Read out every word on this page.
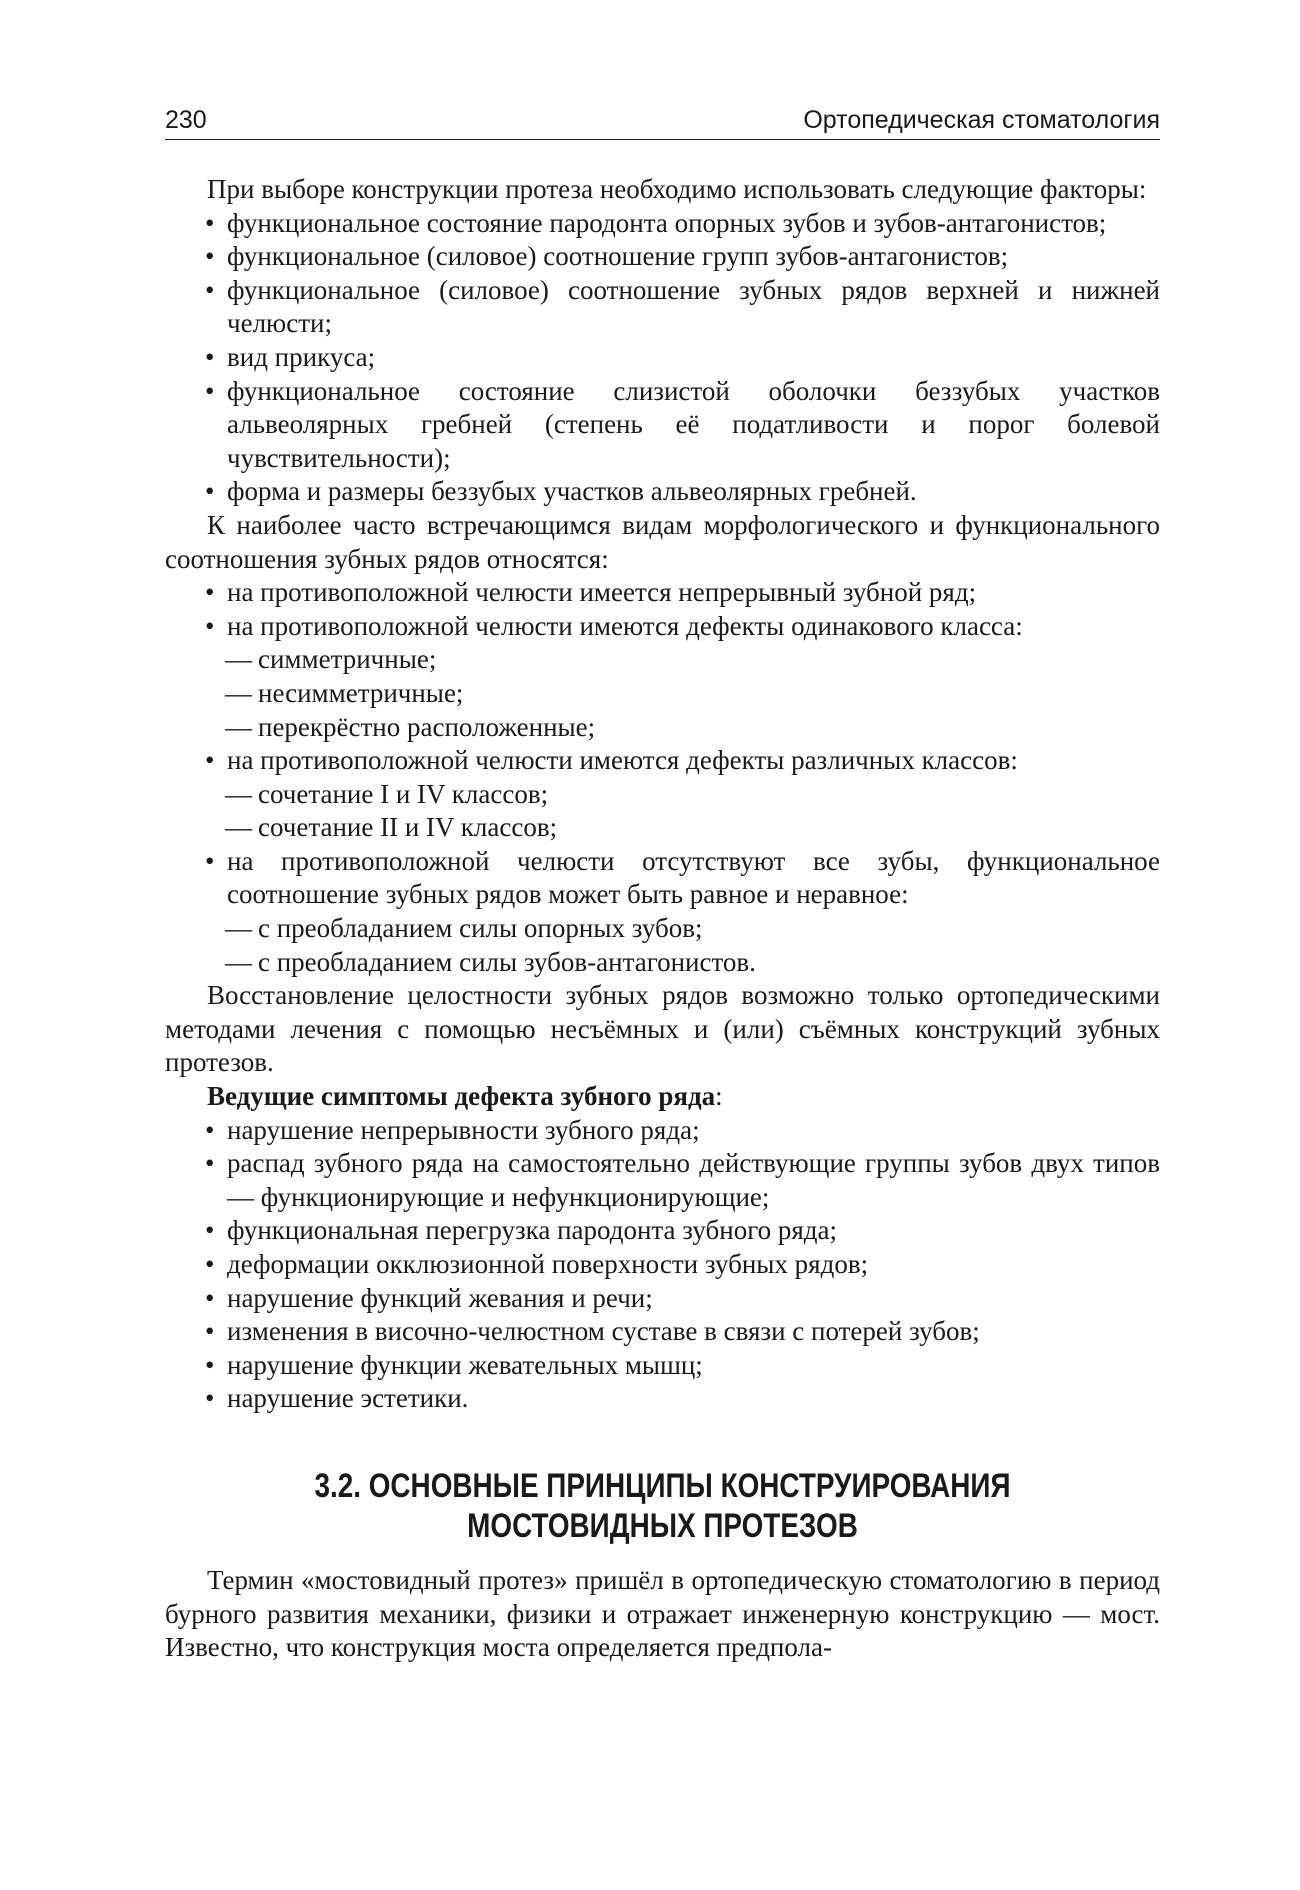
230	Ортопедическая стоматология

При выборе конструкции протеза необходимо использовать следующие факторы:

• функциональное состояние пародонта опорных зубов и зубов-антагонистов;
• функциональное (силовое) соотношение групп зубов-антагонистов;
• функциональное (силовое) соотношение зубных рядов верхней и нижней челюсти;
• вид прикуса;
• функциональное состояние слизистой оболочки беззубых участков альвеолярных гребней (степень её податливости и порог болевой чувствительности);
• форма и размеры беззубых участков альвеолярных гребней.

К наиболее часто встречающимся видам морфологического и функционального соотношения зубных рядов относятся:

• на противоположной челюсти имеется непрерывный зубной ряд;
• на противоположной челюсти имеются дефекты одинакового класса:
— симметричные;
— несимметричные;
— перекрёстно расположенные;
• на противоположной челюсти имеются дефекты различных классов:
— сочетание I и IV классов;
— сочетание II и IV классов;
• на противоположной челюсти отсутствуют все зубы, функциональное соотношение зубных рядов может быть равное и неравное:
— с преобладанием силы опорных зубов;
— с преобладанием силы зубов-антагонистов.

Восстановление целостности зубных рядов возможно только ортопедическими методами лечения с помощью несъёмных и (или) съёмных конструкций зубных протезов.

Ведущие симптомы дефекта зубного ряда:

• нарушение непрерывности зубного ряда;
• распад зубного ряда на самостоятельно действующие группы зубов двух типов — функционирующие и нефункционирующие;
• функциональная перегрузка пародонта зубного ряда;
• деформации окклюзионной поверхности зубных рядов;
• нарушение функций жевания и речи;
• изменения в височно-челюстном суставе в связи с потерей зубов;
• нарушение функции жевательных мышц;
• нарушение эстетики.
3.2. ОСНОВНЫЕ ПРИНЦИПЫ КОНСТРУИРОВАНИЯ
МОСТОВИДНЫХ ПРОТЕЗОВ

Термин «мостовидный протез» пришёл в ортопедическую стоматологию в период бурного развития механики, физики и отражает инженерную конструкцию — мост. Известно, что конструкция моста определяется предпола-
